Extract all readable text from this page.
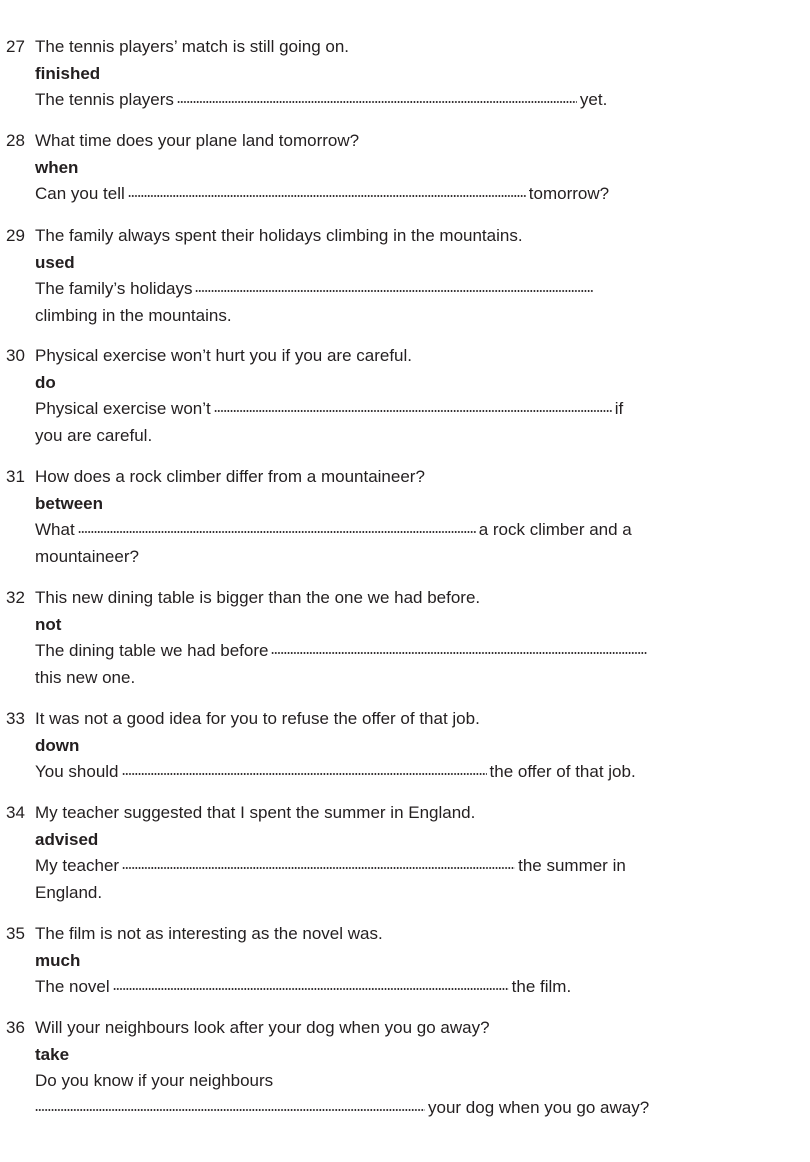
27 The tennis players’ match is still going on.
finished
The tennis players	yet.
28 What time does your plane land tomorrow?
when
Can you tell	tomorrow?
29 The family always spent their holidays climbing in the mountains.
used
The family’s holidays
climbing in the mountains.
30 Physical exercise won’t hurt you if you are careful.
do
Physical exercise won’t	if
you are careful.
31 How does a rock climber differ from a mountaineer?
between
What	a rock climber and a
mountaineer?
32 This new dining table is bigger than the one we had before.
not
The dining table we had before
this new one.
33 It was not a good idea for you to refuse the offer of that job.
down
You should	the offer of that job.
34 My teacher suggested that I spent the summer in England.
advised
My teacher	the summer in
England.
35 The film is not as interesting as the novel was.
much
The novel	the film.
36 Will your neighbours look after your dog when you go away?
take
Do you know if your neighbours
your dog when you go away?
